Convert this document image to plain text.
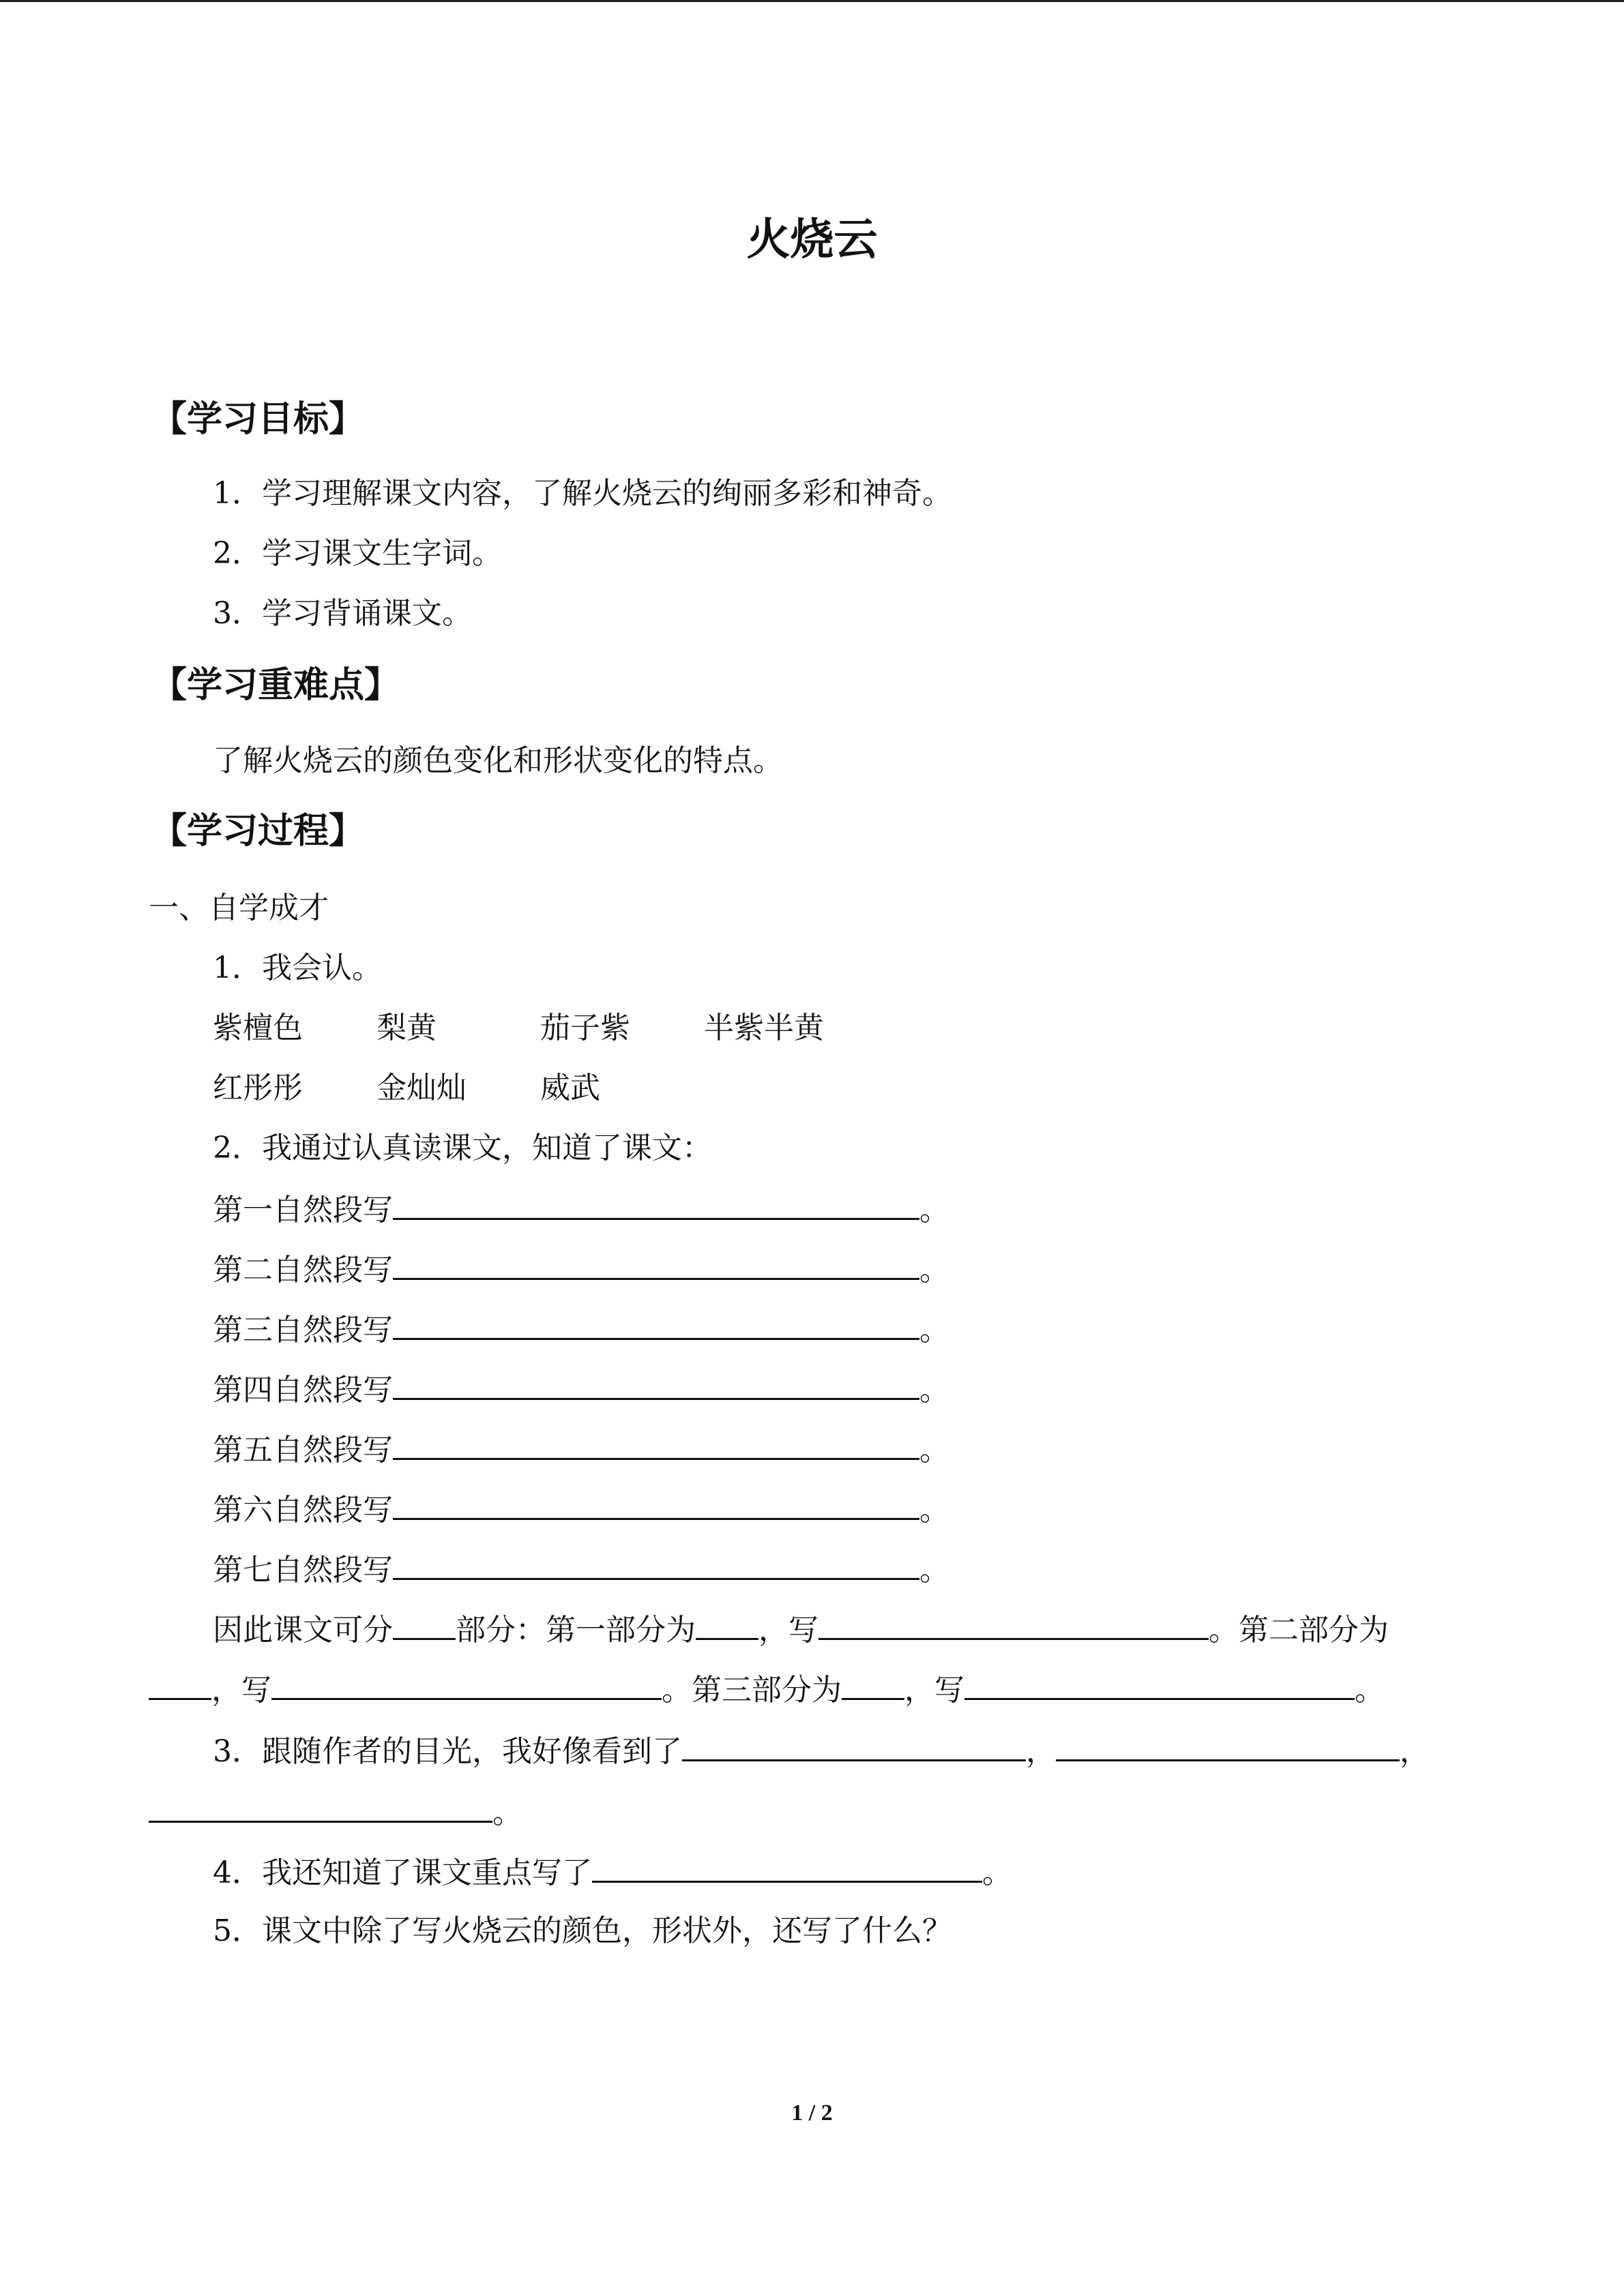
火烧云
【学习目标】
1．学习理解课文内容，了解火烧云的绚丽多彩和神奇。
2．学习课文生字词。
3．学习背诵课文。
【学习重难点】
了解火烧云的颜色变化和形状变化的特点。
【学习过程】
一、自学成才
1．我会认。
紫檀色 梨黄	茄子紫 半紫半黄
红彤彤 金灿灿 威武
2．我通过认真读课文，知道了课文：
第一自然段写	。
第二自然段写	。
第三自然段写	。
第四自然段写	。
第五自然段写	。
第六自然段写	。
第七自然段写	。
因此课文可分 部分：第一部分为 ，写	。第二部分为
，写	。第三部分为 ，写	。
3．跟随作者的目光，我好像看到了	，	，
。
4．我还知道了课文重点写了	。
5．课文中除了写火烧云的颜色，形状外，还写了什么？
1 / 2
